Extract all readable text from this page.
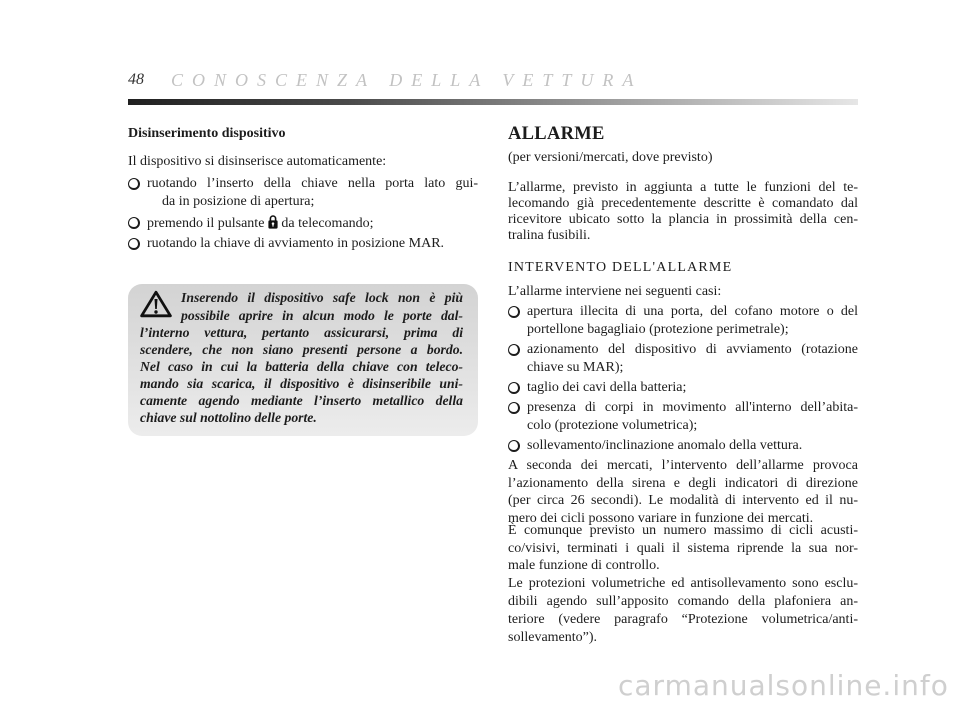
48 CONOSCENZA DELLA VETTURA
Disinserimento dispositivo
Il dispositivo si disinserisce automaticamente:
ruotando l’inserto della chiave nella porta lato gui-
da in posizione di apertura;
premendo il pulsante da telecomando;
ruotando la chiave di avviamento in posizione MAR.
Inserendo il dispositivo safe lock non è più
possibile aprire in alcun modo le porte dal-
l’interno vettura, pertanto assicurarsi, prima di
scendere, che non siano presenti persone a bordo.
Nel caso in cui la batteria della chiave con teleco-
mando sia scarica, il dispositivo è disinseribile uni-
camente agendo mediante l’inserto metallico della
chiave sul nottolino delle porte.
ALLARME
(per versioni/mercati, dove previsto)
L’allarme, previsto in aggiunta a tutte le funzioni del te-
lecomando già precedentemente descritte è comandato dal
ricevitore ubicato sotto la plancia in prossimità della cen-
tralina fusibili.
INTERVENTO DELL'ALLARME
L’allarme interviene nei seguenti casi:
apertura illecita di una porta, del cofano motore o del
portellone bagagliaio (protezione perimetrale);
azionamento del dispositivo di avviamento (rotazione
chiave su MAR);
taglio dei cavi della batteria;
presenza di corpi in movimento all'interno dell’abita-
colo (protezione volumetrica);
sollevamento/inclinazione anomalo della vettura.
A seconda dei mercati, l’intervento dell’allarme provoca
l’azionamento della sirena e degli indicatori di direzione
(per circa 26 secondi). Le modalità di intervento ed il nu-
mero dei cicli possono variare in funzione dei mercati.
È comunque previsto un numero massimo di cicli acusti-
co/visivi, terminati i quali il sistema riprende la sua nor-
male funzione di controllo.
Le protezioni volumetriche ed antisollevamento sono esclu-
dibili agendo sull’apposito comando della plafoniera an-
teriore (vedere paragrafo “Protezione volumetrica/anti-
sollevamento”).
carmanualsonline.info
